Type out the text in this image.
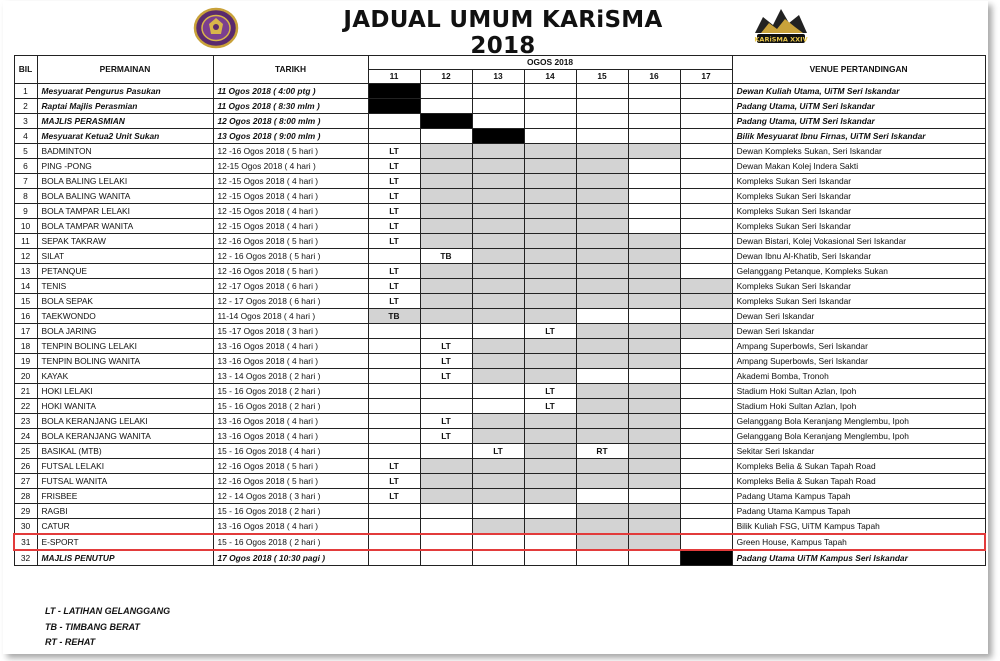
JADUAL UMUM KARiSMA 2018	KARiSMA XXIV
BIL	PERMAINAN	TARIKH	OGOS 2018							VENUE PERTANDINGAN
			11	12	13	14	15	16	17	
1	Mesyuarat Pengurus Pasukan	11 Ogos 2018 ( 4:00 ptg )								Dewan Kuliah Utama, UiTM Seri Iskandar
2	Raptai Majlis Perasmian	11 Ogos 2018 ( 8:30 mlm )								Padang Utama, UiTM Seri Iskandar
3	MAJLIS PERASMIAN	12 Ogos 2018 ( 8:00 mlm )								Padang Utama, UiTM Seri Iskandar
4	Mesyuarat Ketua2 Unit Sukan	13 Ogos 2018 ( 9:00 mlm )								Bilik Mesyuarat Ibnu Firnas, UiTM Seri Iskandar
5	BADMINTON	12 -16 Ogos 2018 ( 5 hari )	LT							Dewan Kompleks Sukan, Seri Iskandar
6	PING -PONG	12-15 Ogos 2018 ( 4 hari )	LT							Dewan Makan Kolej Indera Sakti
7	BOLA BALING LELAKI	12 -15 Ogos 2018 ( 4 hari )	LT							Kompleks Sukan Seri Iskandar
8	BOLA BALING WANITA	12 -15 Ogos 2018 ( 4 hari )	LT							Kompleks Sukan Seri Iskandar
9	BOLA TAMPAR LELAKI	12 -15 Ogos 2018 ( 4 hari )	LT							Kompleks Sukan Seri Iskandar
10	BOLA TAMPAR WANITA	12 -15 Ogos 2018 ( 4 hari )	LT							Kompleks Sukan Seri Iskandar
11	SEPAK TAKRAW	12 -16 Ogos 2018 ( 5 hari )	LT							Dewan Bistari, Kolej Vokasional Seri Iskandar
12	SILAT	12 - 16 Ogos 2018 ( 5 hari )		TB						Dewan Ibnu Al-Khatib, Seri Iskandar
13	PETANQUE	12 -16 Ogos 2018 ( 5 hari )	LT							Gelanggang Petanque, Kompleks Sukan
14	TENIS	12 -17 Ogos 2018 ( 6 hari )	LT							Kompleks Sukan Seri Iskandar
15	BOLA SEPAK	12 - 17 Ogos 2018 ( 6 hari )	LT							Kompleks Sukan Seri Iskandar
16	TAEKWONDO	11-14 Ogos 2018 ( 4 hari )	TB							Dewan Seri Iskandar
17	BOLA JARING	15 -17 Ogos 2018 ( 3 hari )				LT				Dewan Seri Iskandar
18	TENPIN BOLING LELAKI	13 -16 Ogos 2018 ( 4 hari )		LT						Ampang Superbowls, Seri Iskandar
19	TENPIN BOLING WANITA	13 -16 Ogos 2018 ( 4 hari )		LT						Ampang Superbowls, Seri Iskandar
20	KAYAK	13 - 14 Ogos 2018 ( 2 hari )		LT						Akademi Bomba, Tronoh
21	HOKI LELAKI	15 - 16 Ogos 2018 ( 2 hari )				LT				Stadium Hoki Sultan Azlan, Ipoh
22	HOKI WANITA	15 - 16 Ogos 2018 ( 2 hari )				LT				Stadium Hoki Sultan Azlan, Ipoh
23	BOLA KERANJANG LELAKI	13 -16 Ogos 2018 ( 4 hari )		LT						Gelanggang Bola Keranjang Menglembu, Ipoh
24	BOLA KERANJANG WANITA	13 -16 Ogos 2018 ( 4 hari )		LT						Gelanggang Bola Keranjang Menglembu, Ipoh
25	BASIKAL (MTB)	15 - 16 Ogos 2018 ( 4 hari )			LT		RT			Sekitar Seri Iskandar
26	FUTSAL LELAKI	12 -16 Ogos 2018 ( 5 hari )	LT							Kompleks Belia & Sukan Tapah Road
27	FUTSAL WANITA	12 -16 Ogos 2018 ( 5 hari )	LT							Kompleks Belia & Sukan Tapah Road
28	FRISBEE	12 - 14 Ogos 2018 ( 3 hari )	LT							Padang Utama Kampus Tapah
29	RAGBI	15 - 16 Ogos 2018 ( 2 hari )								Padang Utama Kampus Tapah
30	CATUR	13 -16 Ogos 2018 ( 4 hari )								Bilik Kuliah FSG, UiTM Kampus Tapah
31	E-SPORT	15 - 16 Ogos 2018 ( 2 hari )								Green House, Kampus Tapah
32	MAJLIS PENUTUP	17 Ogos 2018 ( 10:30 pagi )								Padang Utama UiTM Kampus Seri Iskandar
LT - LATIHAN GELANGGANG
TB - TIMBANG BERAT
RT - REHAT
